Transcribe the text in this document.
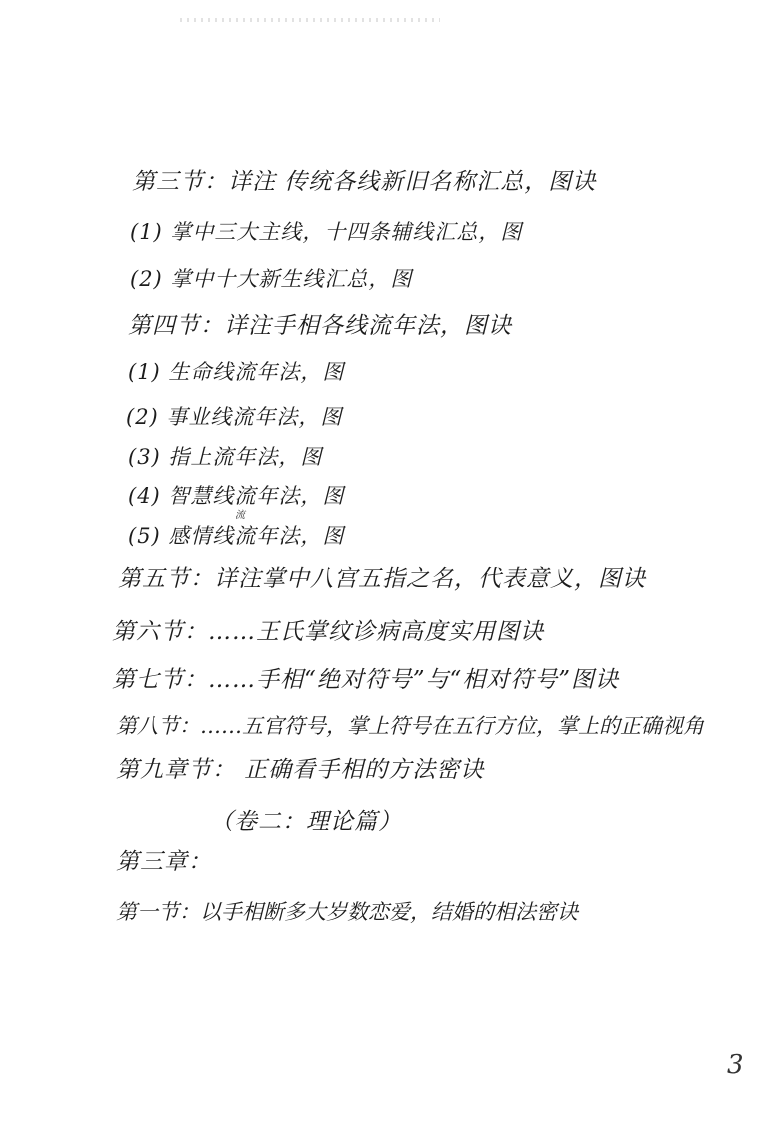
第三节：详注 传统各线新旧名称汇总，图诀
(1) 掌中三大主线，十四条辅线汇总，图
(2) 掌中十大新生线汇总，图
第四节：详注手相各线流年法，图诀
(1) 生命线流年法，图
(2) 事业线流年法，图
(3) 指上流年法，图
(4) 智慧线流年法，图
流
(5) 感情线流年法，图
第五节：详注掌中八宫五指之名，代表意义，图诀
第六节：……王氏掌纹诊病高度实用图诀
第七节：……手相“绝对符号”与“相对符号”图诀
第八节：……五官符号，掌上符号在五行方位，掌上的正确视角
第九章节： 正确看手相的方法密诀
（卷二：理论篇）
第三章：
第一节：以手相断多大岁数恋爱，结婚的相法密诀
3
